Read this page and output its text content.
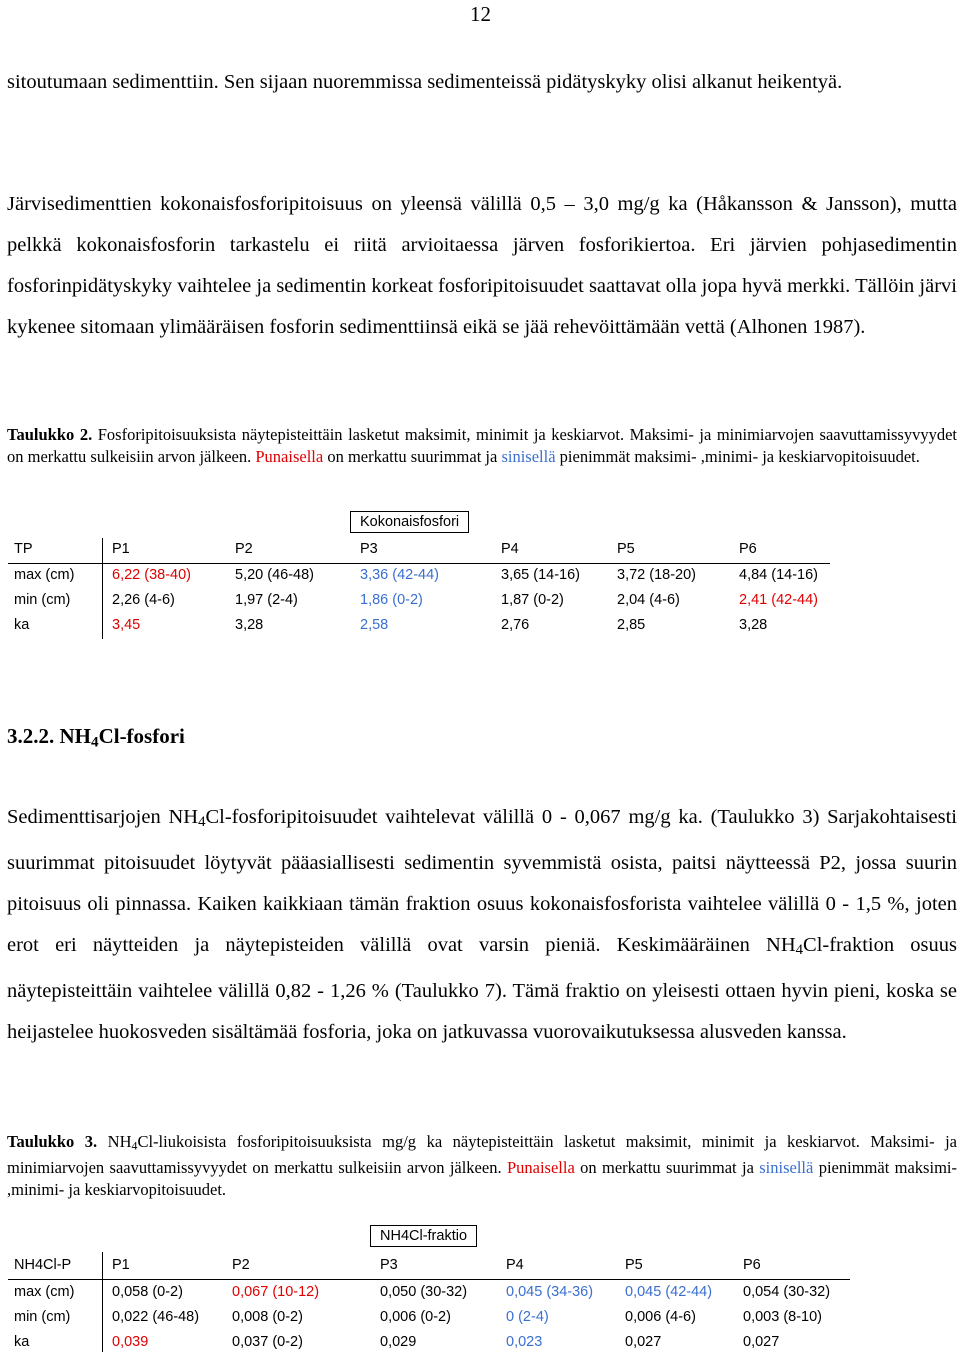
12

sitoutumaan sedimenttiin. Sen sijaan nuoremmissa sedimenteissä pidätyskyky olisi alkanut heikentyä.

Järvisedimenttien kokonaisfosforipitoisuus on yleensä välillä 0,5 – 3,0 mg/g ka (Håkansson & Jansson), mutta pelkkä kokonaisfosforin tarkastelu ei riitä arvioitaessa järven fosforikiertoa. Eri järvien pohjasedimentin fosforinpidätyskyky vaihtelee ja sedimentin korkeat fosforipitoisuudet saattavat olla jopa hyvä merkki. Tällöin järvi kykenee sitomaan ylimääräisen fosforin sedimenttiinsä eikä se jää rehevöittämään vettä (Alhonen 1987).

Taulukko 2. Fosforipitoisuuksista näytepisteittäin lasketut maksimit, minimit ja keskiarvot. Maksimi- ja minimiarvojen saavuttamissyvyydet on merkattu sulkeisiin arvon jälkeen. Punaisella on merkattu suurimmat ja sinisellä pienimmät maksimi- ,minimi- ja keskiarvopitoisuudet.

Kokonaisfosfori
TP	P1	P2	P3	P4	P5	P6
max (cm)	6,22 (38-40)	5,20 (46-48)	3,36 (42-44)	3,65 (14-16)	3,72 (18-20)	4,84 (14-16)
min (cm)	2,26 (4-6)	1,97 (2-4)	1,86 (0-2)	1,87 (0-2)	2,04 (4-6)	2,41 (42-44)
ka	3,45	3,28	2,58	2,76	2,85	3,28
3.2.2. $NH_4Cl$-fosfori

Sedimenttisarjojen $NH_4Cl$-fosforipitoisuudet vaihtelevat välillä 0 - 0,067 mg/g ka. (Taulukko 3) Sarjakohtaisesti suurimmat pitoisuudet löytyvät pääasiallisesti sedimentin syvemmistä osista, paitsi näytteessä P2, jossa suurin pitoisuus oli pinnassa. Kaiken kaikkiaan tämän fraktion osuus kokonaisfosforista vaihtelee välillä 0 - 1,5 %, joten erot eri näytteiden ja näytepisteiden välillä ovat varsin pieniä. Keskimääräinen $NH_4Cl$-fraktion osuus näytepisteittäin vaihtelee välillä 0,82 - 1,26 % (Taulukko 7). Tämä fraktio on yleisesti ottaen hyvin pieni, koska se heijastelee huokosveden sisältämää fosforia, joka on jatkuvassa vuorovaikutuksessa alusveden kanssa.

Taulukko 3. $NH_4Cl$-liukoisista fosforipitoisuuksista mg/g ka näytepisteittäin lasketut maksimit, minimit ja keskiarvot. Maksimi- ja minimiarvojen saavuttamissyvyydet on merkattu sulkeisiin arvon jälkeen. Punaisella on merkattu suurimmat ja sinisellä pienimmät maksimi- ,minimi- ja keskiarvopitoisuudet.

NH4Cl-fraktio
NH4Cl-P	P1	P2	P3	P4	P5	P6
max (cm)	0,058 (0-2)	0,067 (10-12)	0,050 (30-32)	0,045 (34-36) 0,045 (42-44) 0,054 (30-32)
min (cm)	0,022 (46-48) 0,008 (0-2)	0,006 (0-2)	0 (2-4)	0,006 (4-6)	0,003 (8-10)
ka	0,039	0,037 (0-2)	0,029	0,023	0,027	0,027
